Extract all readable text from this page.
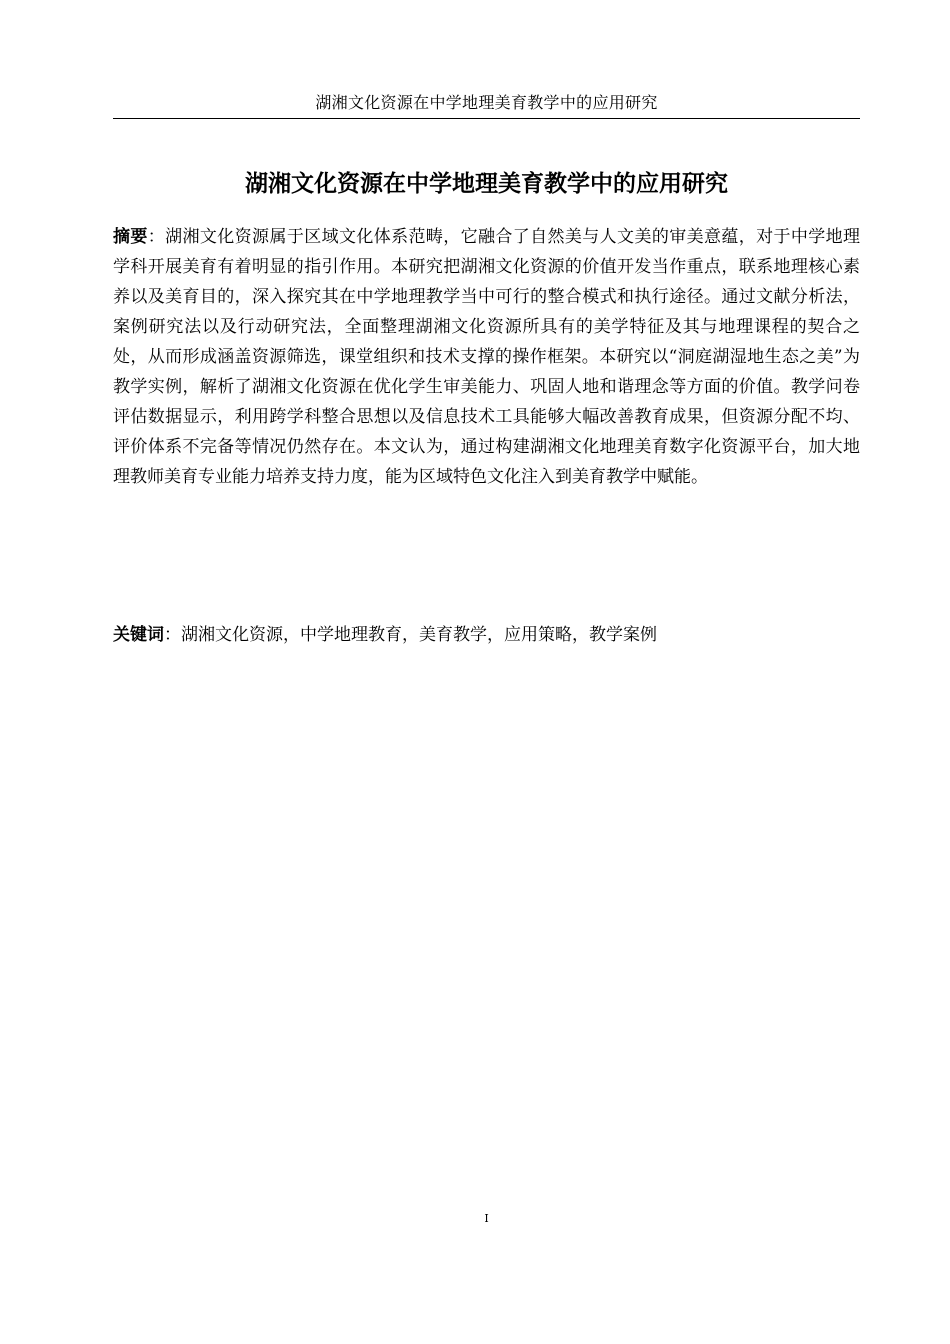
湖湘文化资源在中学地理美育教学中的应用研究
湖湘文化资源在中学地理美育教学中的应用研究

摘要：湖湘文化资源属于区域文化体系范畴，它融合了自然美与人文美的审美意蕴，对于中学地理学科开展美育有着明显的指引作用。本研究把湖湘文化资源的价值开发当作重点，联系地理核心素养以及美育目的，深入探究其在中学地理教学当中可行的整合模式和执行途径。通过文献分析法，案例研究法以及行动研究法，全面整理湖湘文化资源所具有的美学特征及其与地理课程的契合之处，从而形成涵盖资源筛选，课堂组织和技术支撑的操作框架。本研究以“洞庭湖湿地生态之美”为教学实例，解析了湖湘文化资源在优化学生审美能力、巩固人地和谐理念等方面的价值。教学问卷评估数据显示，利用跨学科整合思想以及信息技术工具能够大幅改善教育成果，但资源分配不均、评价体系不完备等情况仍然存在。本文认为，通过构建湖湘文化地理美育数字化资源平台，加大地理教师美育专业能力培养支持力度，能为区域特色文化注入到美育教学中赋能。

关键词：湖湘文化资源，中学地理教育，美育教学，应用策略，教学案例

I
